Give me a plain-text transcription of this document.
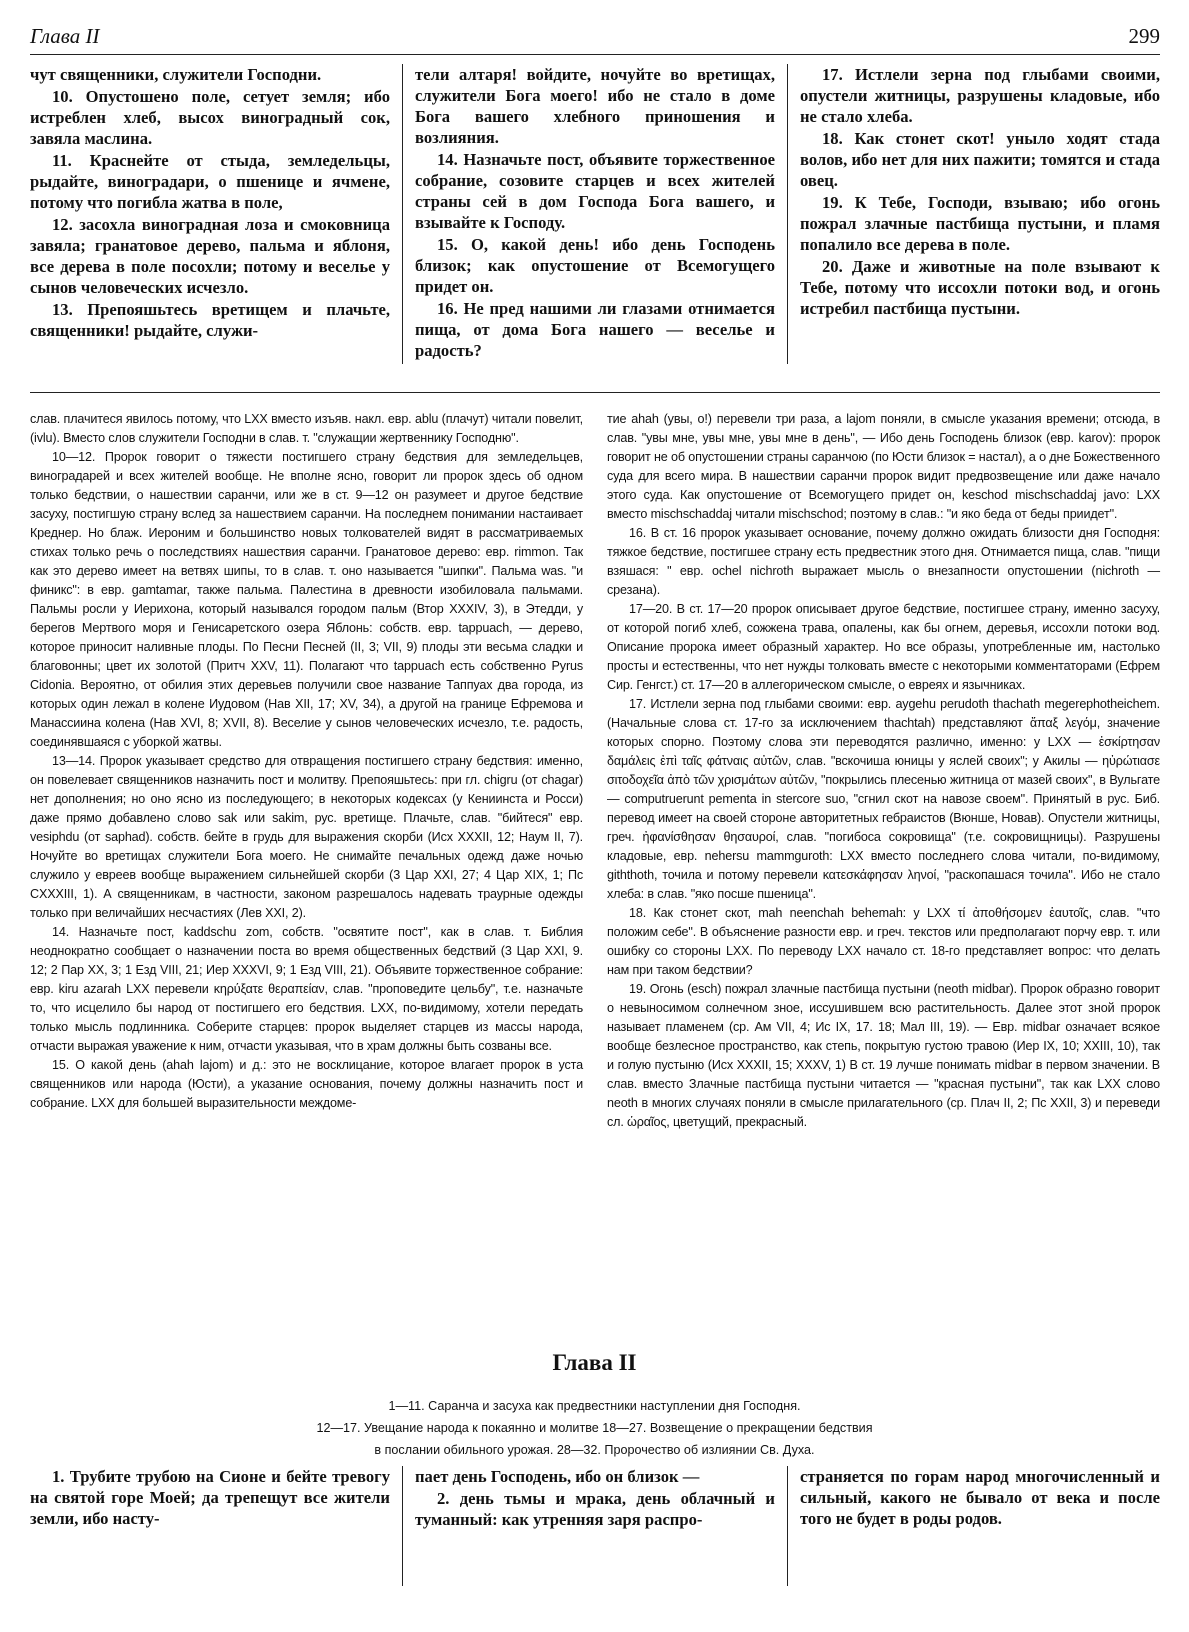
Глава II	299

чут священники, служители Господни.

10. Опустошено поле, сетует земля; ибо истреблен хлеб, высох виноградный сок, завяла маслина.

11. Краснейте от стыда, земледельцы, рыдайте, виноградари, о пшенице и ячмене, потому что погибла жатва в поле,

12. засохла виноградная лоза и смоковница завяла; гранатовое дерево, пальма и яблоня, все дерева в поле посохли; потому и веселье у сынов человеческих исчезло.

13. Препояшьтесь вретищем и плачьте, священники! рыдайте, служи-

тели алтаря! войдите, ночуйте во вретищах, служители Бога моего! ибо не стало в доме Бога вашего хлебного приношения и возлияния.

14. Назначьте пост, объявите торжественное собрание, созовите старцев и всех жителей страны сей в дом Господа Бога вашего, и взывайте к Господу.

15. О, какой день! ибо день Господень близок; как опустошение от Всемогущего придет он.

16. Не пред нашими ли глазами отнимается пища, от дома Бога нашего — веселье и радость?

17. Истлели зерна под глыбами своими, опустели житницы, разрушены кладовые, ибо не стало хлеба.

18. Как стонет скот! уныло ходят стада волов, ибо нет для них пажити; томятся и стада овец.

19. К Тебе, Господи, взываю; ибо огонь пожрал злачные пастбища пустыни, и пламя попалило все дерева в поле.

20. Даже и животные на поле взывают к Тебе, потому что иссохли потоки вод, и огонь истребил пастбища пустыни.

слав. плачитеся явилось потому, что LXX вместо изъяв. накл. евр. ablu (плачут) читали повелит, (ivlu). Вместо слов служители Господни в слав. т. "служащии жертвеннику Господню".

10—12. Пророк говорит о тяжести постигшего страну бедствия для земледельцев, виноградарей и всех жителей вообще. Не вполне ясно, говорит ли пророк здесь об одном только бедствии, о нашествии саранчи, или же в ст. 9—12 он разумеет и другое бедствие засуху, постигшую страну вслед за нашествием саранчи. На последнем понимании настаивает Креднер. Но блаж. Иероним и большинство новых толкователей видят в рассматриваемых стихах только речь о последствиях нашествия саранчи. Гранатовое дерево: евр. rimmon. Так как это дерево имеет на ветвях шипы, то в слав. т. оно называется "шипки". Пальма was. "и финикс": в евр. gamtamar, также пальма. Палестина в древности изобиловала пальмами. Пальмы росли у Иерихона, который назывался городом пальм (Втор XXXIV, 3), в Этедди, у берегов Мертвого моря и Генисаретского озера Яблонь: собств. евр. tappuach, — дерево, которое приносит наливные плоды. По Песни Песней (II, 3; VII, 9) плоды эти весьма сладки и благовонны; цвет их золотой (Притч XXV, 11). Полагают что tappuach есть собственно Pyrus Cidonia. Вероятно, от обилия этих деревьев получили свое название Таппуах два города, из которых один лежал в колене Иудовом (Нав XII, 17; XV, 34), а другой на границе Ефремова и Манассиина колена (Нав XVI, 8; XVII, 8). Веселие у сынов человеческих исчезло, т.е. радость, соединявшаяся с уборкой жатвы.

13—14. Пророк указывает средство для отвращения постигшего страну бедствия: именно, он повелевает священников назначить пост и молитву. Препояшьтесь: при гл. chigru (от chagar) нет дополнения; но оно ясно из последующего; в некоторых кодексах (у Кениинста и Росси) даже прямо добавлено слово sak или sakim, рус. вретище. Плачьте, слав. "бийтеся" евр. vesiphdu (от saphad). собств. бейте в грудь для выражения скорби (Исх XXXII, 12; Наум II, 7). Ночуйте во вретищах служители Бога моего. Не снимайте печальных одежд даже ночью служило у евреев вообще выражением сильнейшей скорби (3 Цар XXI, 27; 4 Цар XIX, 1; Пс CXXXIII, 1). А священникам, в частности, законом разрешалось надевать траурные одежды только при величайших несчастиях (Лев XXI, 2).

14. Назначьте пост, kaddschu zom, собств. "освятите пост", как в слав. т. Библия неоднократно сообщает о назначении поста во время общественных бедствий (3 Цар XXI, 9. 12; 2 Пар XX, 3; 1 Езд VIII, 21; Иер XXXVI, 9; 1 Езд VIII, 21). Объявите торжественное собрание: евр. kiru azarah LXX перевели κηρύξατε θεραπείαν, слав. "проповедите цельбу", т.е. назначьте то, что исцелило бы народ от постигшего его бедствия. LXX, по-видимому, хотели передать только мысль подлинника. Соберите старцев: пророк выделяет старцев из массы народа, отчасти выражая уважение к ним, отчасти указывая, что в храм должны быть созваны все.

15. О какой день (ahah lajom) и д.: это не восклицание, которое влагает пророк в уста священников или народа (Юсти), а указание основания, почему должны назначить пост и собрание. LXX для большей выразительности междоме-

тие ahah (увы, о!) перевели три раза, а lajom поняли, в смысле указания времени; отсюда, в слав. "увы мне, увы мне, увы мне в день", — Ибо день Господень близок (евр. karov): пророк говорит не об опустошении страны саранчою (по Юсти близок = настал), а о дне Божественного суда для всего мира. В нашествии саранчи пророк видит предвозвещение или даже начало этого суда. Как опустошение от Всемогущего придет он, keschod mischschaddaj javo: LXX вместо mischschaddaj читали mischschod; поэтому в слав.: "и яко беда от беды приидет".

16. В ст. 16 пророк указывает основание, почему должно ожидать близости дня Господня: тяжкое бедствие, постигшее страну есть предвестник этого дня. Отнимается пища, слав. "пищи взяшася: " евр. ochel nichroth выражает мысль о внезапности опустошении (nichroth — срезана).

17—20. В ст. 17—20 пророк описывает другое бедствие, постигшее страну, именно засуху, от которой погиб хлеб, сожжена трава, опалены, как бы огнем, деревья, иссохли потоки вод. Описание пророка имеет образный характер. Но все образы, употребленные им, настолько просты и естественны, что нет нужды толковать вместе с некоторыми комментаторами (Ефрем Сир. Генгст.) ст. 17—20 в аллегорическом смысле, о евреях и язычниках.

17. Истлели зерна под глыбами своими: евр. aygehu perudoth thachath megerephotheichem. (Начальные слова ст. 17-го за исключением thachtah) представляют ἅπαξ λεγόμ, значение которых спорно. Поэтому слова эти переводятся различно, именно: у LXX — ἐσκίρτησαν δαμάλεις ἐπὶ ταῖς φάτναις αὐτῶν, слав. "вскочиша юницы у яслей своих"; у Акилы — ηὐρώτιασε σιτοδοχεῖα ἀπὸ τῶν χρισμάτων αὐτῶν, "покрылись плесенью житница от мазей своих", в Вульгате — computruerunt pementa in stercore suo, "сгнил скот на навозе своем". Принятый в рус. Биб. перевод имеет на своей стороне авторитетных гебраистов (Вюнше, Новав). Опустели житницы, греч. ἠφανίσθησαν θησαυροί, слав. "погибоса сокровища" (т.е. сокровищницы). Разрушены кладовые, евр. nehersu mammguroth: LXX вместо последнего слова читали, по-видимому, giththoth, точила и потому перевели κατεσκάφησαν ληνοί, "раскопашася точила". Ибо не стало хлеба: в слав. "яко посше пшеница".

18. Как стонет скот, mah neenchah behemah: у LXX τί ἀποθήσομεν ἑαυτοῖς, слав. "что положим себе". В объяснение разности евр. и греч. текстов или предполагают порчу евр. т. или ошибку со стороны LXX. По переводу LXX начало ст. 18-го представляет вопрос: что делать нам при таком бедствии?

19. Огонь (esch) пожрал злачные пастбища пустыни (neoth midbar). Пророк образно говорит о невыносимом солнечном зное, иссушившем всю растительность. Далее этот зной пророк называет пламенем (ср. Ам VII, 4; Ис IX, 17. 18; Мал III, 19). — Евр. midbar означает всякое вообще безлесное пространство, как степь, покрытую густою травою (Иер IX, 10; XXIII, 10), так и голую пустыню (Исх XXXII, 15; XXXV, 1) В ст. 19 лучше понимать midbar в первом значении. В слав. вместо Злачные пастбища пустыни читается — "красная пустыни", так как LXX слово neoth в многих случаях поняли в смысле прилагательного (ср. Плач II, 2; Пс XXII, 3) и переведи сл. ὡραῖος, цветущий, прекрасный.

Глава II
1—11. Саранча и засуха как предвестники наступлении дня Господня.
12—17. Увещание народа к покаянно и молитве 18—27. Возвещение о прекращении бедствия
в послании обильного урожая. 28—32. Пророчество об излиянии Св. Духа.

1. Трубите трубою на Сионе и бейте тревогу на святой горе Моей; да трепещут все жители земли, ибо насту-

пает день Господень, ибо он близок —

2. день тьмы и мрака, день облачный и туманный: как утренняя заря распро-

страняется по горам народ многочисленный и сильный, какого не бывало от века и после того не будет в роды родов.
